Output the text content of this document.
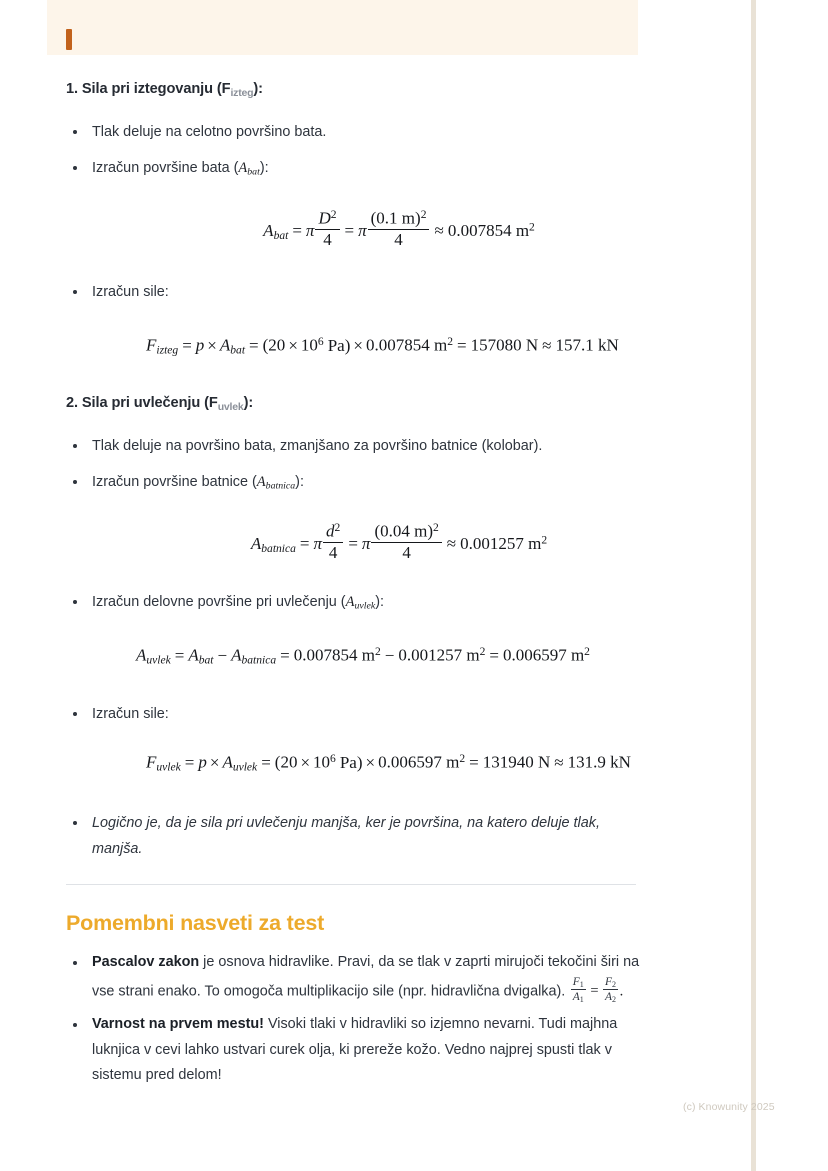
1. Sila pri iztegovanju $(F_{izteg})$:
Tlak deluje na celotno površino bata.
Izračun površine bata (Abat):
Abat = π $\frac{D^2}{4} = \pi \frac{(0.1 m)^2}{4} \approx 0.007854$ $m^2$
Izračun sile:
Fizteg = p × Abat = ($20 \times 10^6$ Pa) × 0.007854 $m^2 = 157080$ N ≈ 157.1 kN
2. Sila pri uvlečenju $(F_{uvlek})$:
Tlak deluje na površino bata, zmanjšano za površino batnice (kolobar).
Izračun površine batnice (Abatnica):
Abatnica = π $\frac{d^2}{4} = \pi \frac{(0.04 m)^2}{4} \approx 0.001257$ $m^2$
Izračun delovne površine pri uvlečenju (Auvlek):
Auvlek = Abat − Abatnica = 0.007854 $m^2 - 0.001257$ $m^2 = 0.006597$ $m^2$
Izračun sile:
Fuvlek = p × Auvlek = ($20 \times 10^6$ Pa) × 0.006597 $m^2 = 131940$ N ≈ 131.9 kN
Logično je, da je sila pri uvlečenju manjša, ker je površina, na katero deluje tlak, manjša.
Pomembni nasveti za test
Pascalov zakon je osnova hidravlike. Pravi, da se tlak v zaprti mirujoči tekočini širi na vse strani enako. To omogoča multiplikacijo sile (npr. hidravlična dvigalka). $\frac{F1}{A1} = \frac{F2}{A2}$ .
Varnost na prvem mestu! Visoki tlaki v hidravliki so izjemno nevarni. Tudi majhna luknjica v cevi lahko ustvari curek olja, ki prereže kožo. Vedno najprej spusti tlak v sistemu pred delom!
(c) Knowunity 2025
